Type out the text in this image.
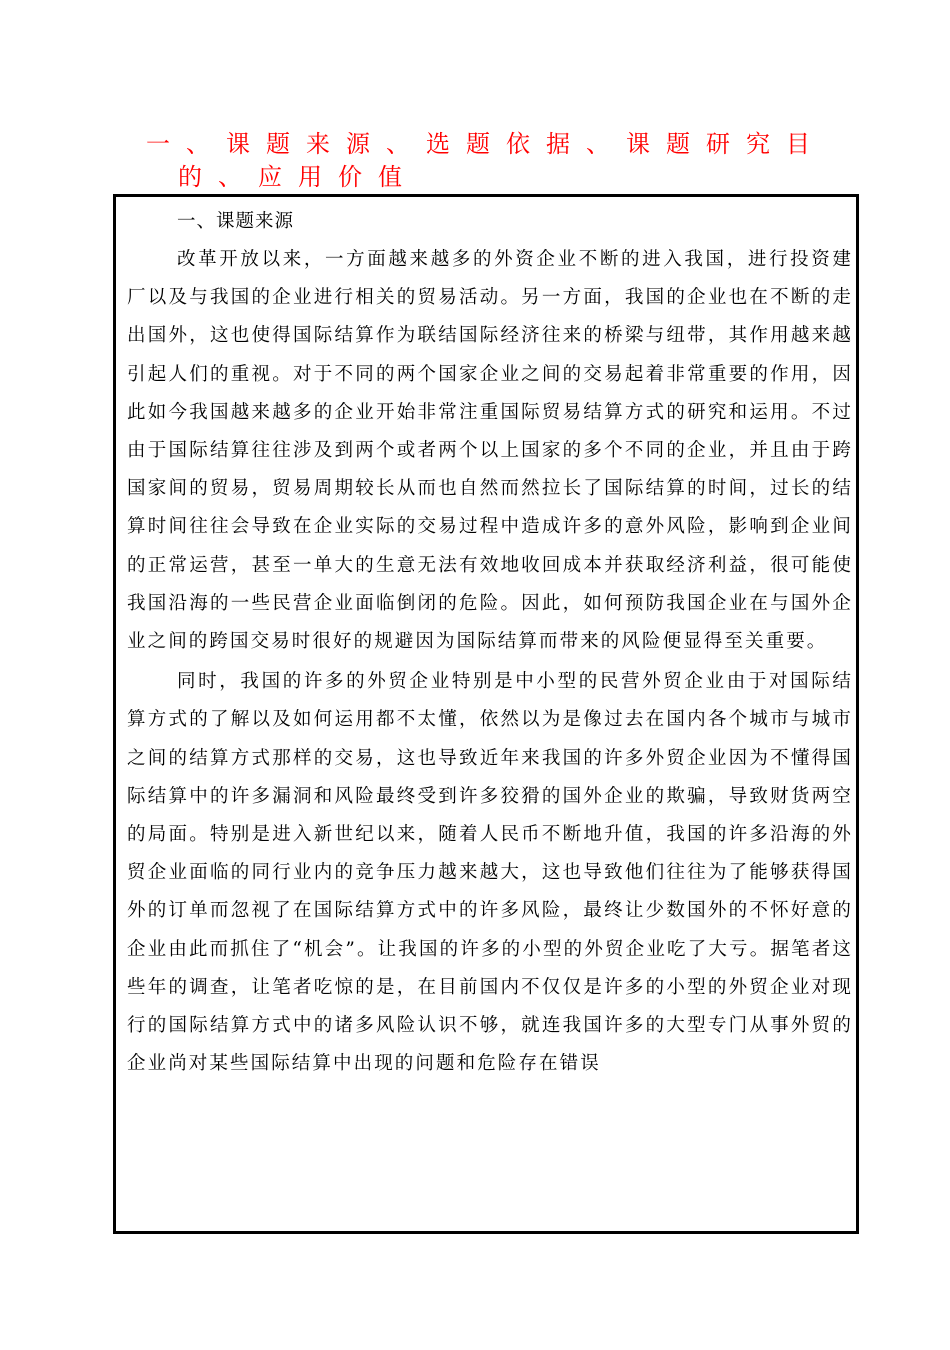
一、课题来源、选题依据、课题研究目
的、应用价值
一、课题来源

改革开放以来，一方面越来越多的外资企业不断的进入我国，进行投资建厂以及与我国的企业进行相关的贸易活动。另一方面，我国的企业也在不断的走出国外，这也使得国际结算作为联结国际经济往来的桥梁与纽带，其作用越来越引起人们的重视。对于不同的两个国家企业之间的交易起着非常重要的作用，因此如今我国越来越多的企业开始非常注重国际贸易结算方式的研究和运用。不过由于国际结算往往涉及到两个或者两个以上国家的多个不同的企业，并且由于跨国家间的贸易，贸易周期较长从而也自然而然拉长了国际结算的时间，过长的结算时间往往会导致在企业实际的交易过程中造成许多的意外风险，影响到企业间的正常运营，甚至一单大的生意无法有效地收回成本并获取经济利益，很可能使我国沿海的一些民营企业面临倒闭的危险。因此，如何预防我国企业在与国外企业之间的跨国交易时很好的规避因为国际结算而带来的风险便显得至关重要。

同时，我国的许多的外贸企业特别是中小型的民营外贸企业由于对国际结算方式的了解以及如何运用都不太懂，依然以为是像过去在国内各个城市与城市之间的结算方式那样的交易，这也导致近年来我国的许多外贸企业因为不懂得国际结算中的许多漏洞和风险最终受到许多狡猾的国外企业的欺骗，导致财货两空的局面。特别是进入新世纪以来，随着人民币不断地升值，我国的许多沿海的外贸企业面临的同行业内的竞争压力越来越大，这也导致他们往往为了能够获得国外的订单而忽视了在国际结算方式中的许多风险，最终让少数国外的不怀好意的企业由此而抓住了“机会”。让我国的许多的小型的外贸企业吃了大亏。据笔者这些年的调查，让笔者吃惊的是，在目前国内不仅仅是许多的小型的外贸企业对现行的国际结算方式中的诸多风险认识不够，就连我国许多的大型专门从事外贸的企业尚对某些国际结算中出现的问题和危险存在错误
